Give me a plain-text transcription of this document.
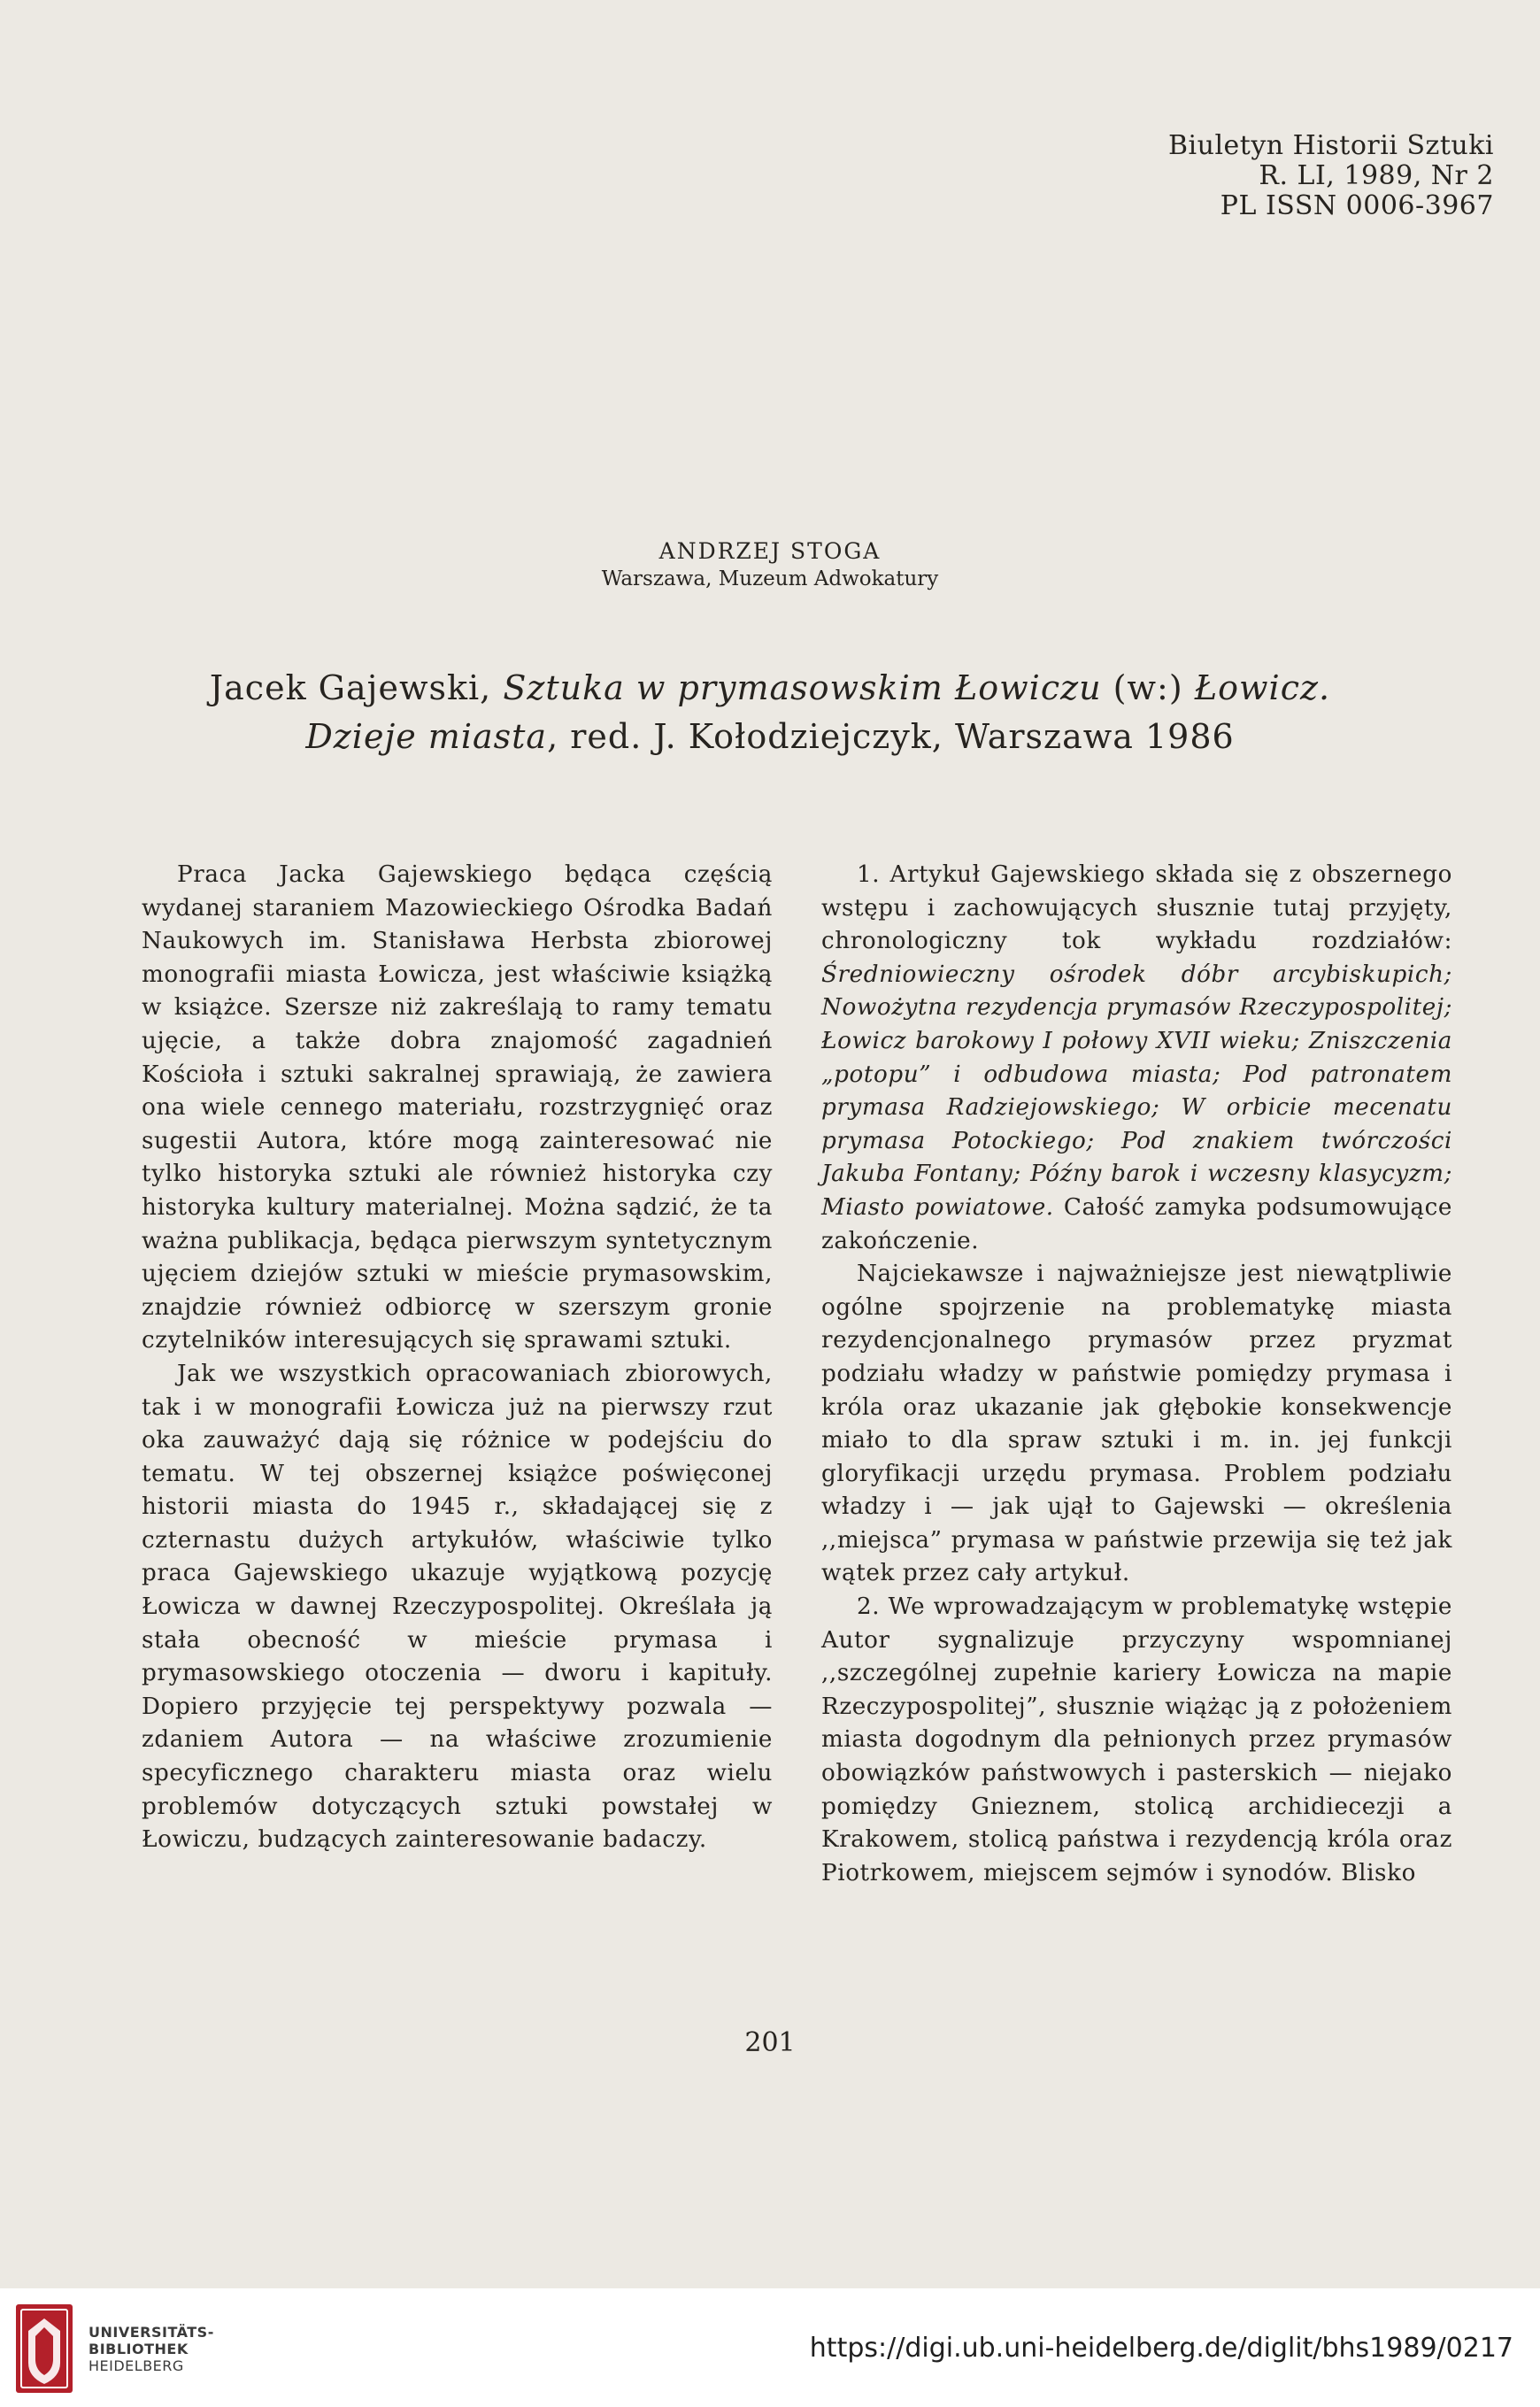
Biuletyn Historii Sztuki
R. LI, 1989, Nr 2
PL ISSN 0006-3967
ANDRZEJ STOGA
Warszawa, Muzeum Adwokatury
Jacek Gajewski, Sztuka w prymasowskim Łowiczu (w:) Łowicz.
Dzieje miasta, red. J. Kołodziejczyk, Warszawa 1986

Praca Jacka Gajewskiego będąca częścią wydanej staraniem Mazowieckiego Ośrodka Badań Naukowych im. Stanisława Herbsta zbiorowej monografii miasta Łowicza, jest właściwie książką w książce. Szersze niż zakreślają to ramy tematu ujęcie, a także dobra znajomość zagadnień Kościoła i sztuki sakralnej sprawiają, że zawiera ona wiele cennego materiału, rozstrzygnięć oraz sugestii Autora, które mogą zainteresować nie tylko historyka sztuki ale również historyka czy historyka kultury materialnej. Można sądzić, że ta ważna publikacja, będąca pierwszym syntetycznym ujęciem dziejów sztuki w mieście prymasowskim, znajdzie również odbiorcę w szerszym gronie czytelników interesujących się sprawami sztuki.

Jak we wszystkich opracowaniach zbiorowych, tak i w monografii Łowicza już na pierwszy rzut oka zauważyć dają się różnice w podejściu do tematu. W tej obszernej książce poświęconej historii miasta do 1945 r., składającej się z czternastu dużych artykułów, właściwie tylko praca Gajewskiego ukazuje wyjątkową pozycję Łowicza w dawnej Rzeczypospolitej. Określała ją stała obecność w mieście prymasa i prymasowskiego otoczenia — dworu i kapituły. Dopiero przyjęcie tej perspektywy pozwala — zdaniem Autora — na właściwe zrozumienie specyficznego charakteru miasta oraz wielu problemów dotyczących sztuki powstałej w Łowiczu, budzących zainteresowanie badaczy.

1. Artykuł Gajewskiego składa się z obszernego wstępu i zachowujących słusznie tutaj przyjęty, chronologiczny tok wykładu rozdziałów: Średniowieczny ośrodek dóbr arcybiskupich; Nowożytna rezydencja prymasów Rzeczypospolitej; Łowicz barokowy I połowy XVII wieku; Zniszczenia „potopu” i odbudowa miasta; Pod patronatem prymasa Radziejowskiego; W orbicie mecenatu prymasa Potockiego; Pod znakiem twórczości Jakuba Fontany; Późny barok i wczesny klasycyzm; Miasto powiatowe. Całość zamyka podsumowujące zakończenie.

Najciekawsze i najważniejsze jest niewątpliwie ogólne spojrzenie na problematykę miasta rezydencjonalnego prymasów przez pryzmat podziału władzy w państwie pomiędzy prymasa i króla oraz ukazanie jak głębokie konsekwencje miało to dla spraw sztuki i m. in. jej funkcji gloryfikacji urzędu prymasa. Problem podziału władzy i — jak ujął to Gajewski — określenia ,,miejsca” prymasa w państwie przewija się też jak wątek przez cały artykuł.

2. We wprowadzającym w problematykę wstępie Autor sygnalizuje przyczyny wspomnianej ,,szczególnej zupełnie kariery Łowicza na mapie Rzeczypospolitej”, słusznie wiążąc ją z położeniem miasta dogodnym dla pełnionych przez prymasów obowiązków państwowych i pasterskich — niejako pomiędzy Gnieznem, stolicą archidiecezji a Krakowem, stolicą państwa i rezydencją króla oraz Piotrkowem, miejscem sejmów i synodów. Blisko

201
UNIVERSITÄTS-
BIBLIOTHEK
HEIDELBERG
https://digi.ub.uni-heidelberg.de/diglit/bhs1989/0217
